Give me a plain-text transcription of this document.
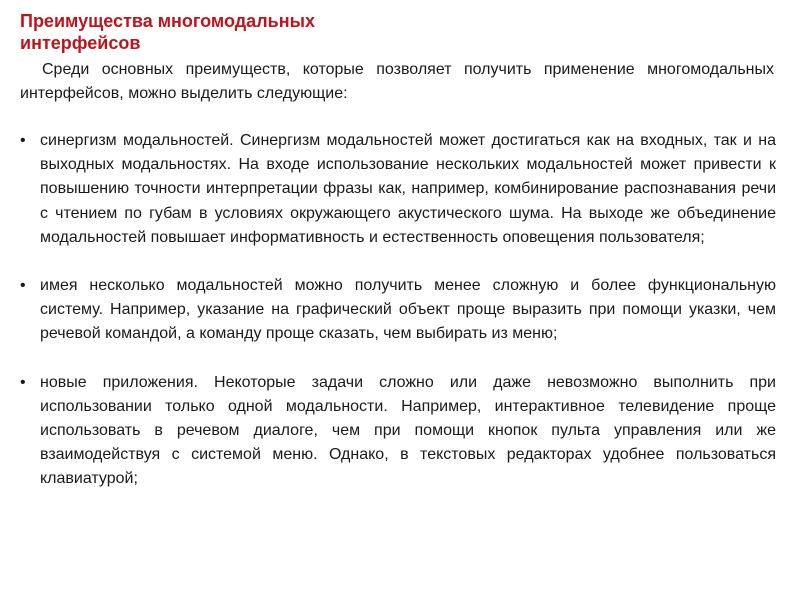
Преимущества многомодальных интерфейсов
Среди основных преимуществ, которые позволяет получить применение многомодальных интерфейсов, можно выделить следующие:
• синергизм модальностей. Синергизм модальностей может достигаться как на входных, так и на выходных модальностях. На входе использование нескольких модальностей может привести к повышению точности интерпретации фразы как, например, комбинирование распознавания речи с чтением по губам в условиях окружающего акустического шума. На выходе же объединение модальностей повышает информативность и естественность оповещения пользователя;
• имея несколько модальностей можно получить менее сложную и более функциональную систему. Например, указание на графический объект проще выразить при помощи указки, чем речевой командой, а команду проще сказать, чем выбирать из меню;
• новые приложения. Некоторые задачи сложно или даже невозможно выполнить при использовании только одной модальности. Например, интерактивное телевидение проще использовать в речевом диалоге, чем при помощи кнопок пульта управления или же взаимодействуя с системой меню. Однако, в текстовых редакторах удобнее пользоваться клавиатурой;
